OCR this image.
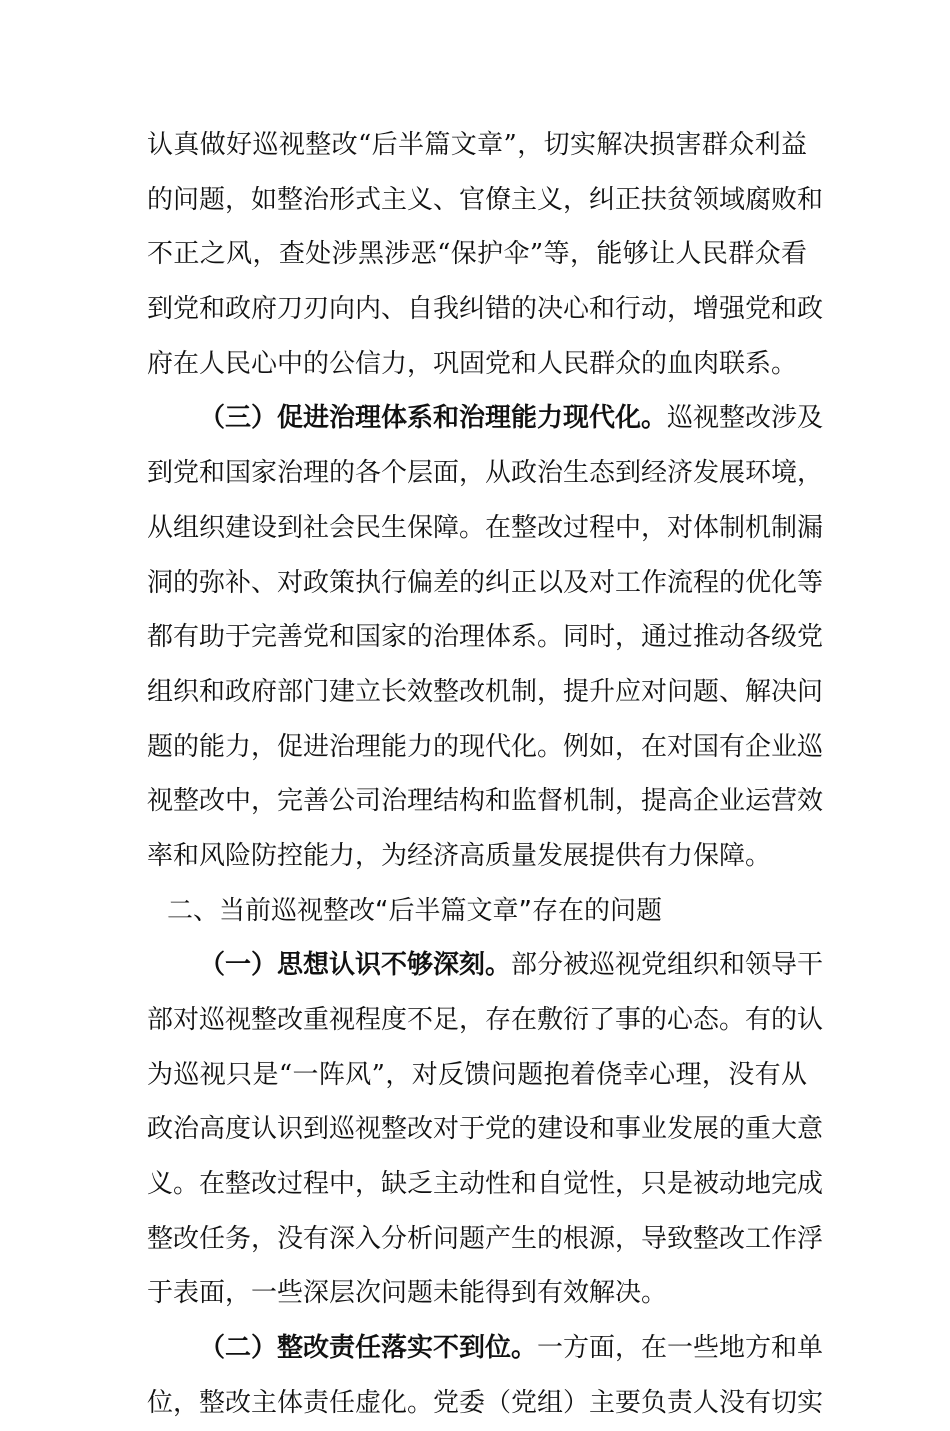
认真做好巡视整改“后半篇文章”，切实解决损害群众利益
的问题，如整治形式主义、官僚主义，纠正扶贫领域腐败和
不正之风，查处涉黑涉恶“保护伞”等，能够让人民群众看
到党和政府刀刃向内、自我纠错的决心和行动，增强党和政
府在人民心中的公信力，巩固党和人民群众的血肉联系。
（三）促进治理体系和治理能力现代化。巡视整改涉及
到党和国家治理的各个层面，从政治生态到经济发展环境，
从组织建设到社会民生保障。在整改过程中，对体制机制漏
洞的弥补、对政策执行偏差的纠正以及对工作流程的优化等
都有助于完善党和国家的治理体系。同时，通过推动各级党
组织和政府部门建立长效整改机制，提升应对问题、解决问
题的能力，促进治理能力的现代化。例如，在对国有企业巡
视整改中，完善公司治理结构和监督机制，提高企业运营效
率和风险防控能力，为经济高质量发展提供有力保障。
二、当前巡视整改“后半篇文章”存在的问题
（一）思想认识不够深刻。部分被巡视党组织和领导干
部对巡视整改重视程度不足，存在敷衍了事的心态。有的认
为巡视只是“一阵风”，对反馈问题抱着侥幸心理，没有从
政治高度认识到巡视整改对于党的建设和事业发展的重大意
义。在整改过程中，缺乏主动性和自觉性，只是被动地完成
整改任务，没有深入分析问题产生的根源，导致整改工作浮
于表面，一些深层次问题未能得到有效解决。
（二）整改责任落实不到位。一方面，在一些地方和单
位，整改主体责任虚化。党委（党组）主要负责人没有切实
